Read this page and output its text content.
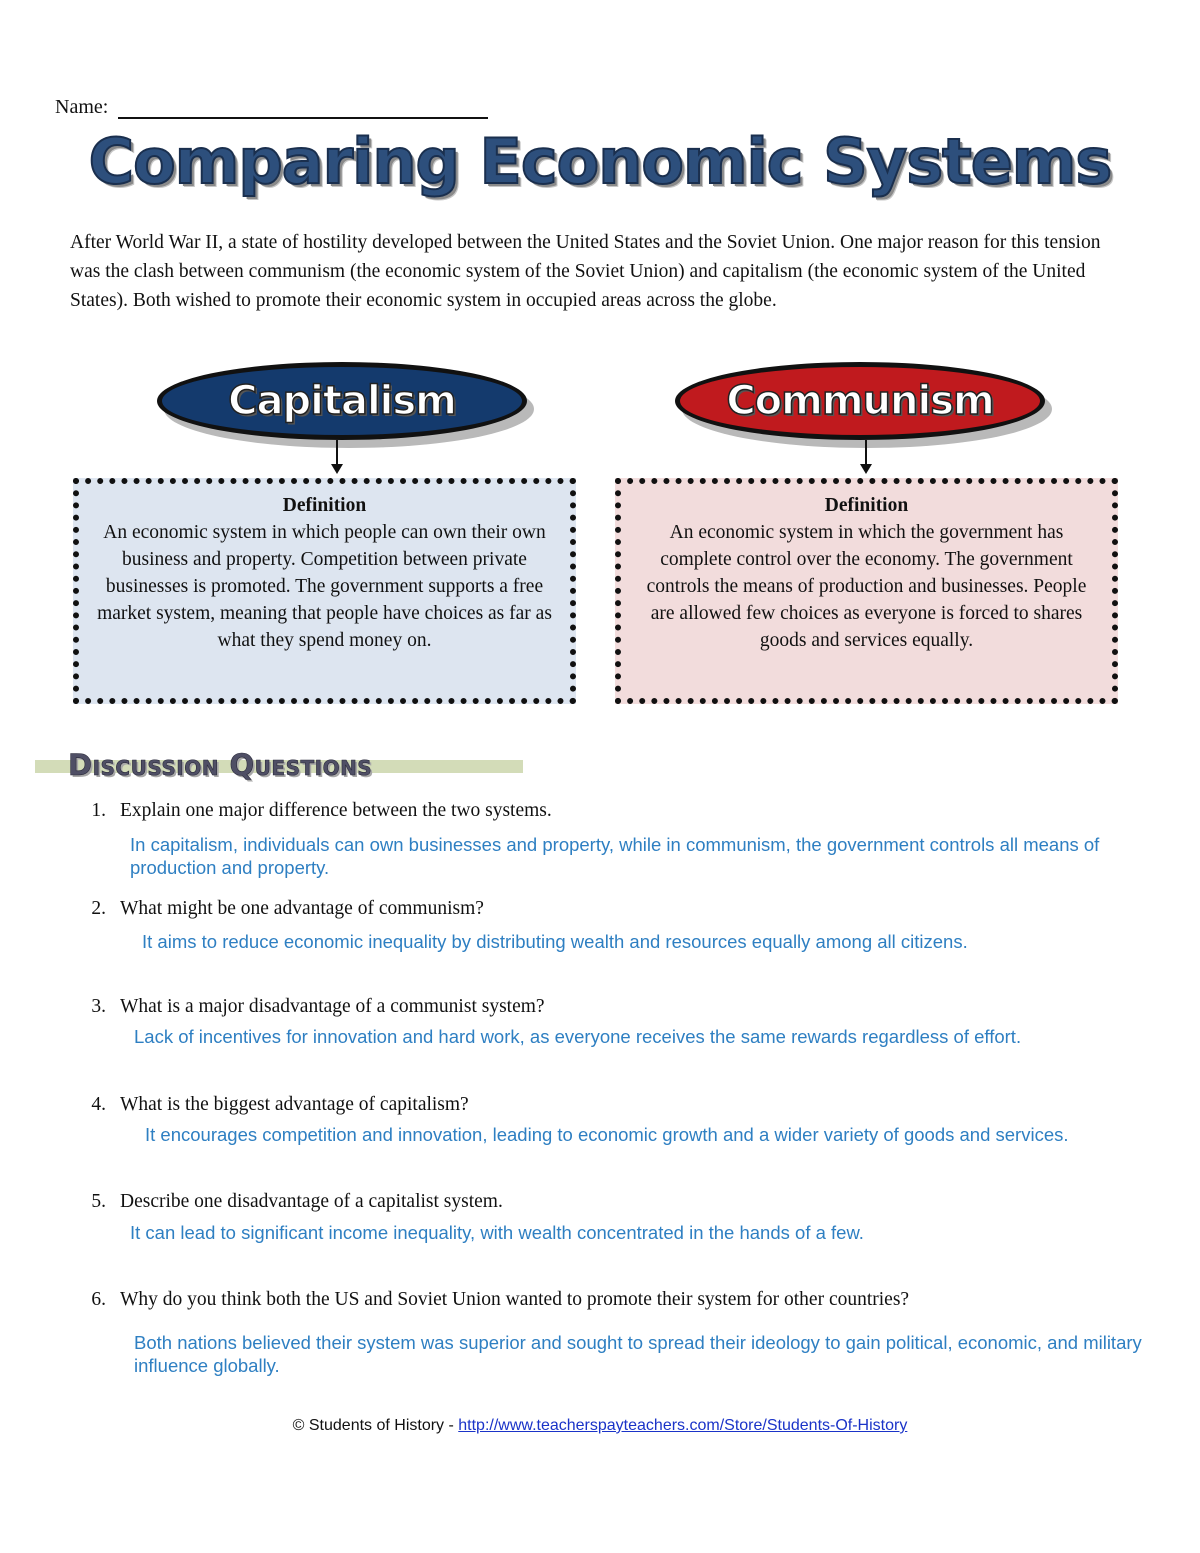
Name:
Comparing Economic Systems
After World War II, a state of hostility developed between the United States and the Soviet Union. One major reason for this tension was the clash between communism (the economic system of the Soviet Union) and capitalism (the economic system of the United States). Both wished to promote their economic system in occupied areas across the globe.
Capitalism
Definition
An economic system in which people can own their own business and property. Competition between private businesses is promoted. The government supports a free market system, meaning that people have choices as far as what they spend money on.
Communism
Definition
An economic system in which the government has complete control over the economy. The government controls the means of production and businesses. People are allowed few choices as everyone is forced to shares goods and services equally.
Discussion Questions
1. Explain one major difference between the two systems.
In capitalism, individuals can own businesses and property, while in communism, the government controls all means of production and property.
2. What might be one advantage of communism?
It aims to reduce economic inequality by distributing wealth and resources equally among all citizens.
3. What is a major disadvantage of a communist system?
Lack of incentives for innovation and hard work, as everyone receives the same rewards regardless of effort.
4. What is the biggest advantage of capitalism?
It encourages competition and innovation, leading to economic growth and a wider variety of goods and services.
5. Describe one disadvantage of a capitalist system.
It can lead to significant income inequality, with wealth concentrated in the hands of a few.
6. Why do you think both the US and Soviet Union wanted to promote their system for other countries?
Both nations believed their system was superior and sought to spread their ideology to gain political, economic, and military influence globally.
© Students of History - http://www.teacherspayteachers.com/Store/Students-Of-History
